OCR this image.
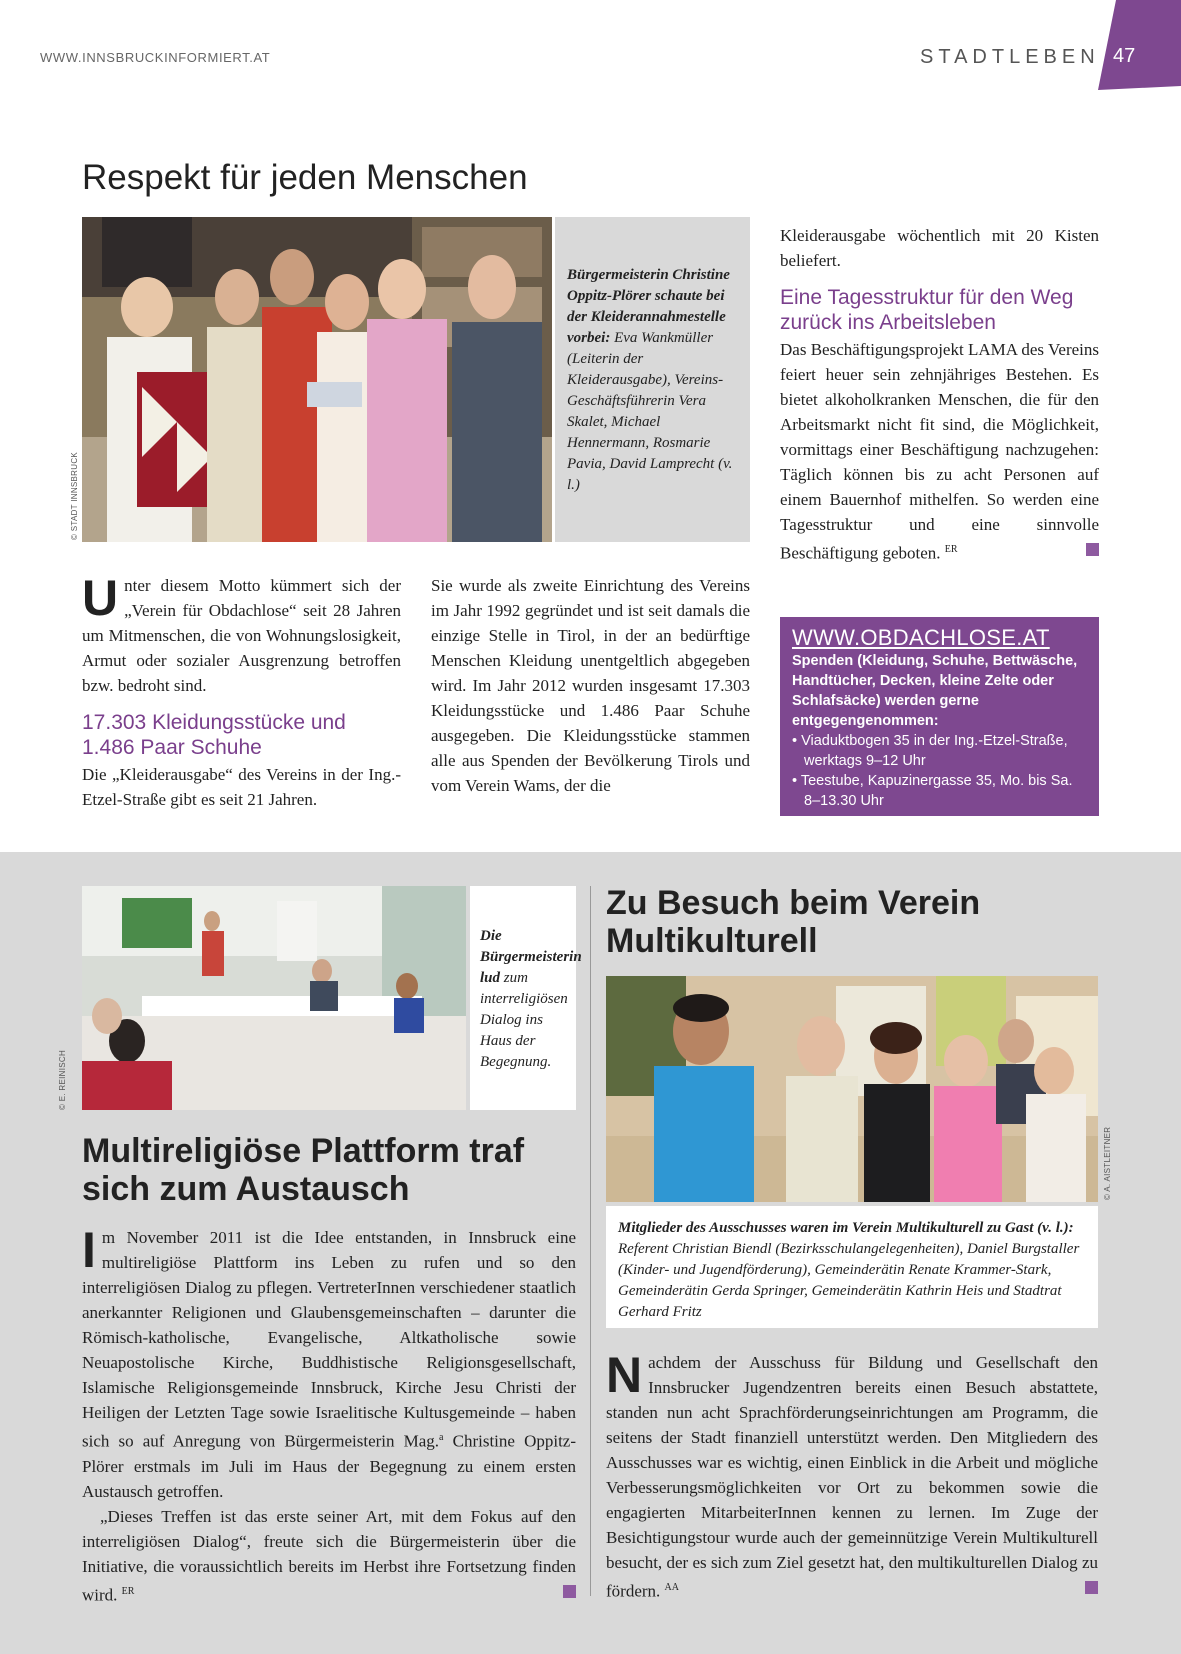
WWW.INNSBRUCKINFORMIERT.AT	STADTLEBEN 47
Respekt für jeden Menschen
© STADT INNSBRUCK
Bürgermeisterin Christine Oppitz-Plörer schaute bei der Kleiderannahmestelle vorbei: Eva Wankmüller (Leiterin der Kleiderausgabe), Vereins-Geschäftsführerin Vera Skalet, Michael Hennermann, Rosmarie Pavia, David Lamprecht (v. l.)

U nter diesem Motto kümmert sich der „Verein für Obdachlose“ seit 28 Jahren um Mitmenschen, die von Wohnungslosigkeit, Armut oder sozialer Ausgrenzung betroffen bzw. bedroht sind.

17.303 Kleidungsstücke und 1.486 Paar Schuhe

Die „Kleiderausgabe“ des Vereins in der Ing.-Etzel-Straße gibt es seit 21 Jahren.

Sie wurde als zweite Einrichtung des Vereins im Jahr 1992 gegründet und ist seit damals die einzige Stelle in Tirol, in der an bedürftige Menschen Kleidung unentgeltlich abgegeben wird. Im Jahr 2012 wurden insgesamt 17.303 Kleidungsstücke und 1.486 Paar Schuhe ausgegeben. Die Kleidungsstücke stammen alle aus Spenden der Bevölkerung Tirols und vom Verein Wams, der die

Kleiderausgabe wöchentlich mit 20 Kisten beliefert.

Eine Tagesstruktur für den Weg zurück ins Arbeitsleben

Das Beschäftigungsprojekt LAMA des Vereins feiert heuer sein zehnjähriges Bestehen. Es bietet alkoholkranken Menschen, die für den Arbeitsmarkt nicht fit sind, die Möglichkeit, vormittags einer Beschäftigung nachzugehen: Täglich können bis zu acht Personen auf einem Bauernhof mithelfen. So werden eine Tagesstruktur und eine sinnvolle Beschäftigung geboten. $^{ER}$

WWW.OBDACHLOSE.AT
Spenden (Kleidung, Schuhe, Bettwäsche, Handtücher, Decken, kleine Zelte oder Schlafsäcke) werden gerne entgegengenommen:
• Viaduktbogen 35 in der Ing.-Etzel-Straße, werktags 9–12 Uhr
• Teestube, Kapuzinergasse 35, Mo. bis Sa. 8–13.30 Uhr
© E. REINISCH
Die Bürgermeisterin lud zum interreligiösen Dialog ins Haus der Begegnung.
Multireligiöse Plattform traf sich zum Austausch

I m November 2011 ist die Idee entstanden, in Innsbruck eine multireligiöse Plattform ins Leben zu rufen und so den interreligiösen Dialog zu pflegen. VertreterInnen verschiedener staatlich anerkannter Religionen und Glaubensgemeinschaften – darunter die Römisch-katholische, Evangelische, Altkatholische sowie Neuapostolische Kirche, Buddhistische Religionsgesellschaft, Islamische Religionsgemeinde Innsbruck, Kirche Jesu Christi der Heiligen der Letzten Tage sowie Israelitische Kultusgemeinde – haben sich so auf Anregung von Bürgermeisterin Mag.$^a$ Christine Oppitz-Plörer erstmals im Juli im Haus der Begegnung zu einem ersten Austausch getroffen.

„Dieses Treffen ist das erste seiner Art, mit dem Fokus auf den interreligiösen Dialog“, freute sich die Bürgermeisterin über die Initiative, die voraussichtlich bereits im Herbst ihre Fortsetzung finden wird. $^{ER}$

Zu Besuch beim Verein Multikulturell
© A. AISTLEITNER
Mitglieder des Ausschusses waren im Verein Multikulturell zu Gast (v. l.): Referent Christian Biendl (Bezirksschulangelegenheiten), Daniel Burgstaller (Kinder- und Jugendförderung), Gemeinderätin Renate Krammer-Stark, Gemeinderätin Gerda Springer, Gemeinderätin Kathrin Heis und Stadtrat Gerhard Fritz

N achdem der Ausschuss für Bildung und Gesellschaft den Innsbrucker Jugendzentren bereits einen Besuch abstattete, standen nun acht Sprachförderungseinrichtungen am Programm, die seitens der Stadt finanziell unterstützt werden. Den Mitgliedern des Ausschusses war es wichtig, einen Einblick in die Arbeit und mögliche Verbesserungsmöglichkeiten vor Ort zu bekommen sowie die engagierten MitarbeiterInnen kennen zu lernen. Im Zuge der Besichtigungstour wurde auch der gemeinnützige Verein Multikulturell besucht, der es sich zum Ziel gesetzt hat, den multikulturellen Dialog zu fördern. $^{AA}$
